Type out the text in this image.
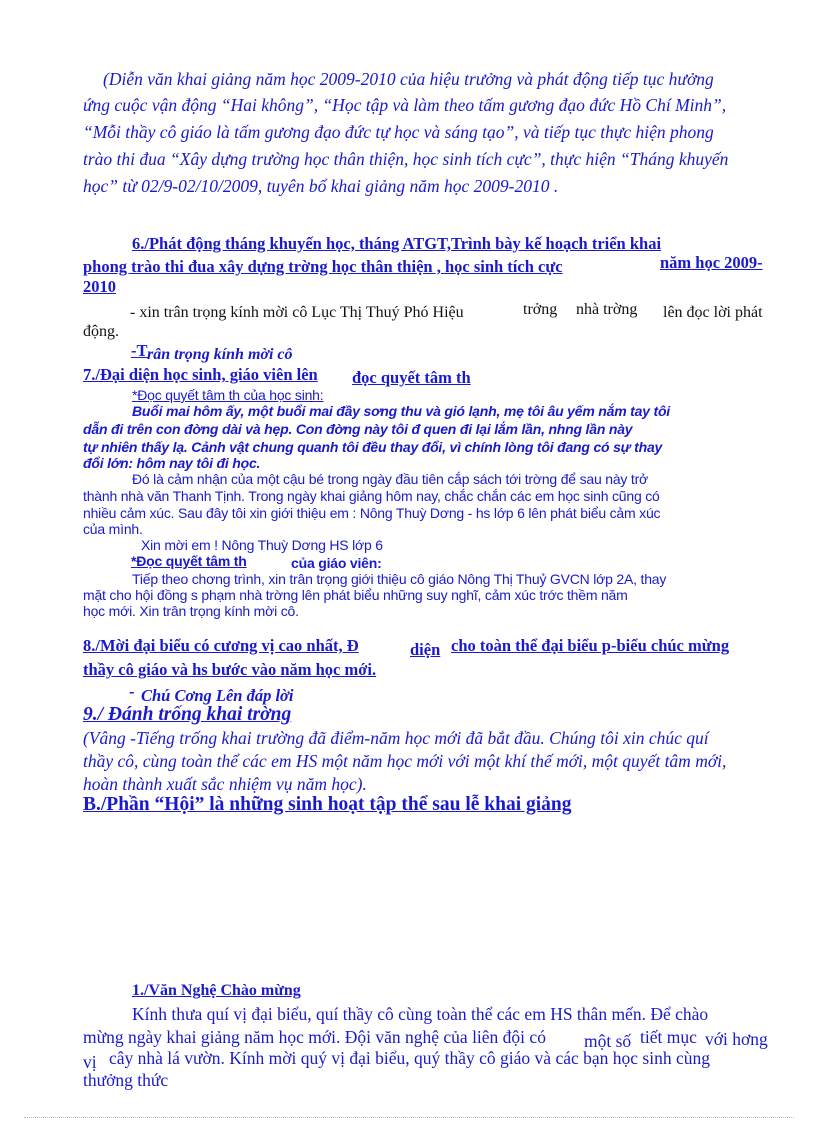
(Diễn văn khai giảng năm học 2009-2010 của hiệu trưởng và phát động tiếp tục hưởng

ứng cuộc vận động “Hai không”, “Học tập và làm theo tấm gương đạo đức Hồ Chí Minh”,

“Mỗi thầy cô giáo là tấm gương đạo đức tự học và sáng tạo”, và tiếp tục thực hiện phong

trào thi đua “Xây dựng trường học thân thiện, học sinh tích cực”, thực hiện “Tháng khuyến

học” từ 02/9-02/10/2009, tuyên bố khai giảng năm học 2009-2010 .

6./Phát động tháng khuyến học, tháng ATGT,Trình bày kế hoạch triển khai

phong trào thi đua xây dựng trờng học thân thiện , học sinh tích cực	năm học 2009-

2010

- xin trân trọng kính mời cô Lục Thị Thuý Phó Hiệu	trởng nhà trờng lên đọc lời phát

động.

-T rân trọng kính mời cô

7./Đại diện học sinh, giáo viên lên đọc quyết tâm th

*Đọc quyết tâm th của học sinh:

Buổi mai hôm ấy, một buổi mai đầy sơng thu và gió lạnh, mẹ tôi âu yếm nắm tay tôi

dẫn đi trên con đờng dài và hẹp. Con đờng này tôi đ quen đi lại lắm lần, nhng lần này

tự nhiên thấy lạ. Cảnh vật chung quanh tôi đều thay đổi, vì chính lòng tôi đang có sự thay

đổi lớn: hôm nay tôi đi học.

Đó là cảm nhận của một cậu bé trong ngày đầu tiên cắp sách tới trờng để sau này trở

thành nhà văn Thanh Tịnh. Trong ngày khai giảng hôm nay, chắc chắn các em học sinh cũng có

nhiều cảm xúc. Sau đây tôi xin giới thiệu em : Nông Thuỳ Dơng - hs lớp 6 lên phát biểu cảm xúc

của mình.

Xin mời em ! Nông Thuỳ Dơng HS lớp 6

*Đọc quyết tâm th	của giáo viên:

Tiếp theo chơng trình, xin trân trọng giới thiệu cô giáo Nông Thị Thuỷ GVCN lớp 2A, thay

mặt cho hội đồng s phạm nhà trờng lên phát biểu những suy nghĩ, cảm xúc trớc thềm năm

học mới. Xin trân trọng kính mời cô.

8./Mời đại biểu có cương vị cao nhất, Đ	diện cho toàn thể đại biểu p-biểu chúc mừng

thầy cô giáo và hs bước vào năm học mới.

- Chú Cơng Lên đáp lời

9./ Đánh trống khai trờng

(Vâng -Tiếng trống khai trường đã điểm-năm học mới đã bắt đầu. Chúng tôi xin chúc quí

thầy cô, cùng toàn thể các em HS một năm học mới với một khí thế mới, một quyết tâm mới,

hoàn thành xuất sắc nhiệm vụ năm học).

B./Phần “Hội” là những sinh hoạt tập thể sau lễ khai giảng

1./Văn Nghệ Chào mừng

Kính thưa quí vị đại biểu, quí thầy cô cùng toàn thể các em HS thân mến. Để chào

mừng ngày khai giảng năm học mới. Đội văn nghệ của liên đội có một số tiết mục với hơng

vị cây nhà lá vườn. Kính mời quý vị đại biểu, quý thầy cô giáo và các bạn học sinh cùng

thưởng thức
